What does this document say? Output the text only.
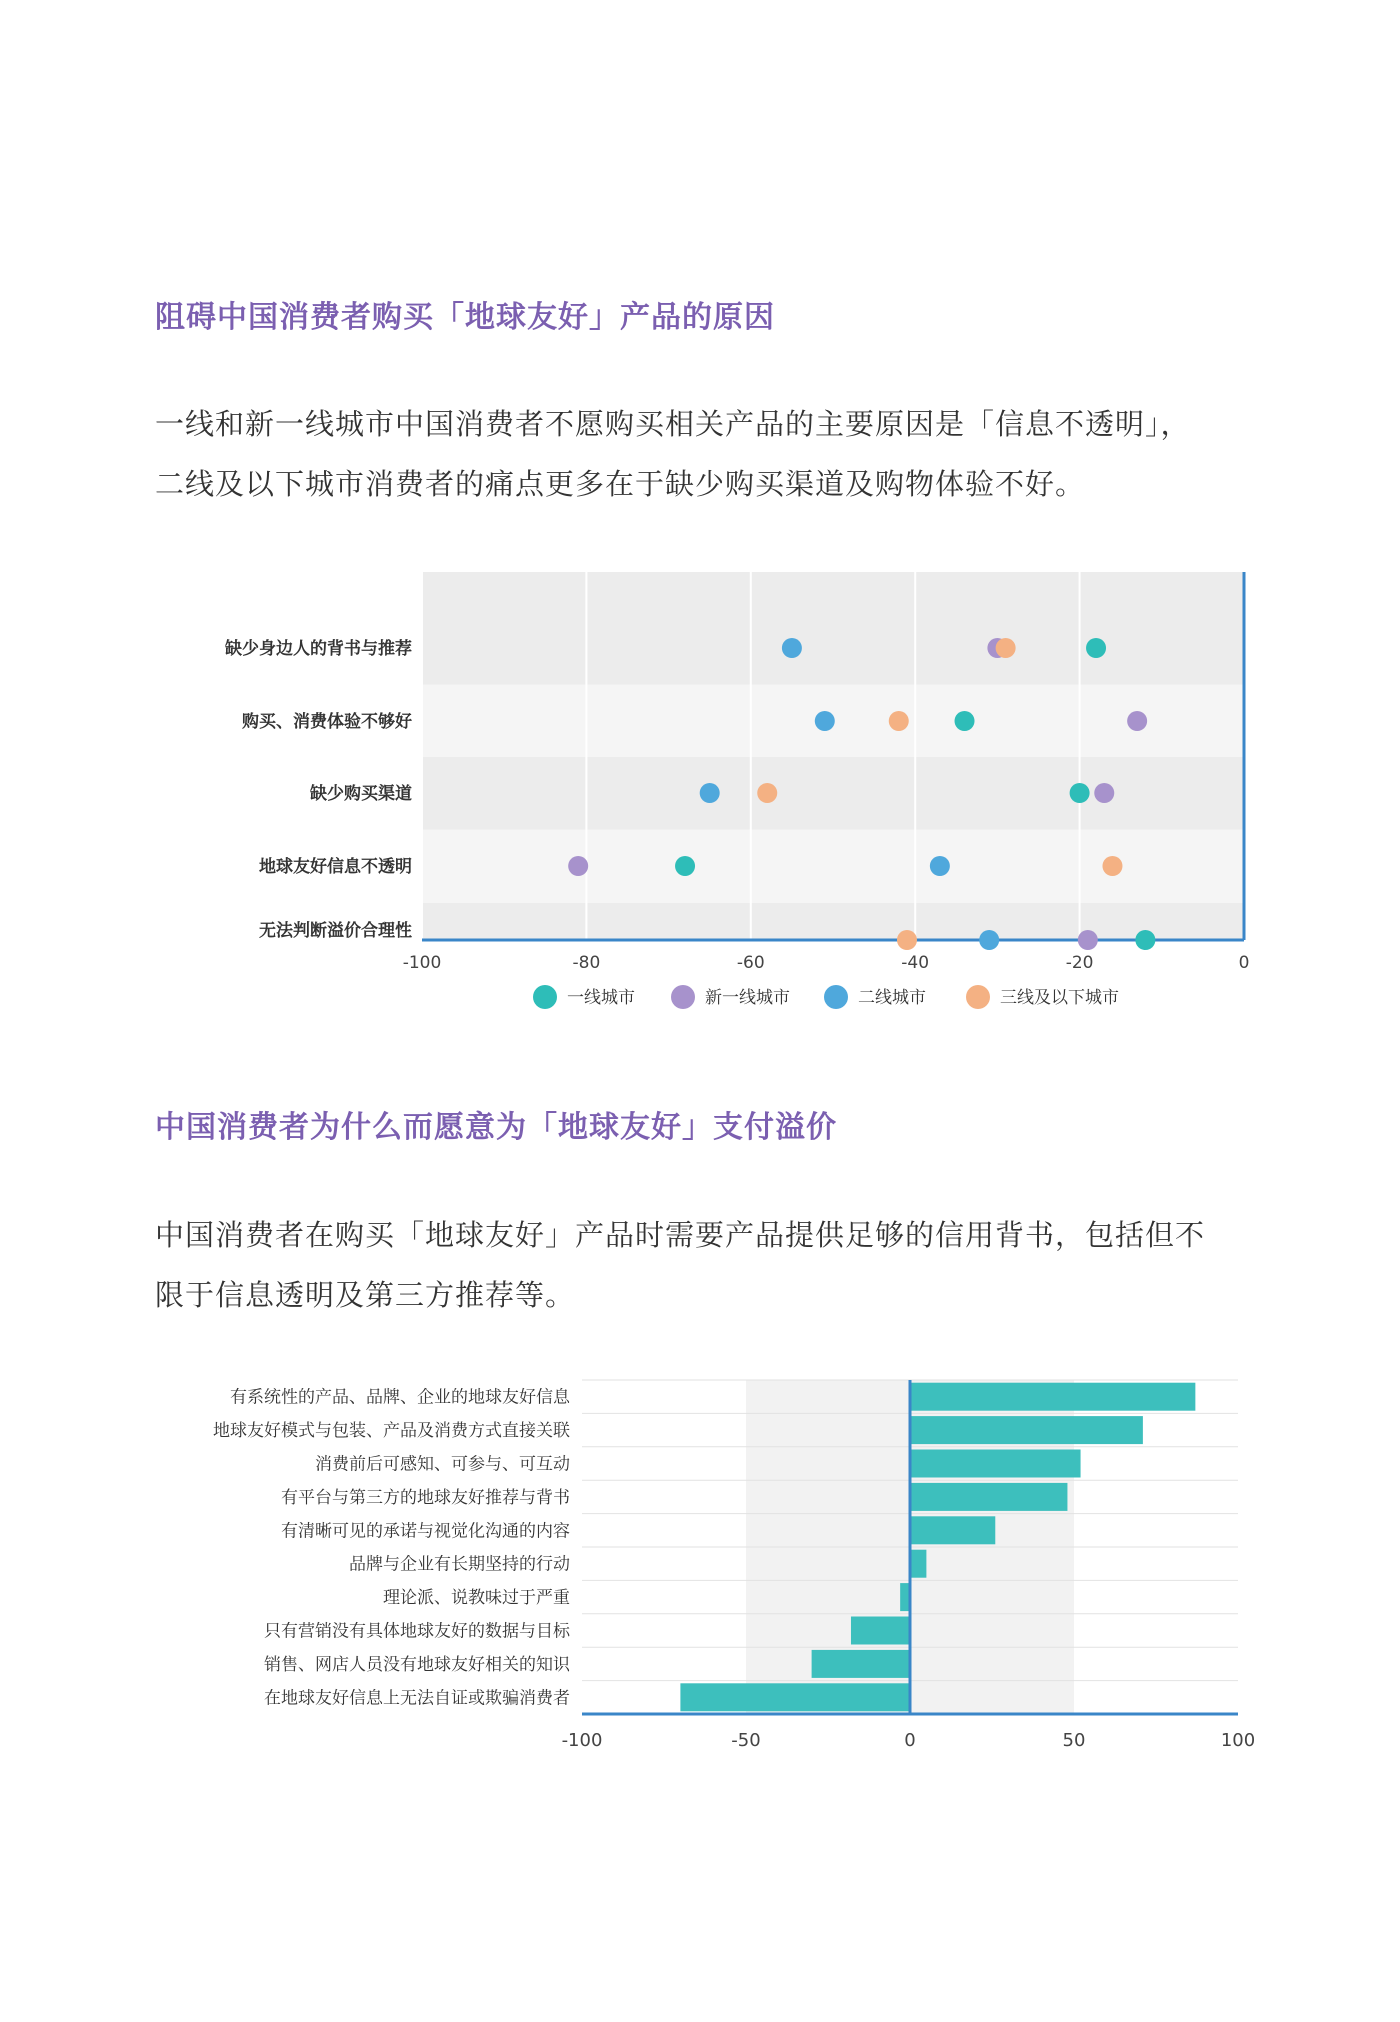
阻碍中国消费者购买「地球友好」产品的原因

一线和新一线城市中国消费者不愿购买相关产品的主要原因是「信息不透明」，
二线及以下城市消费者的痛点更多在于缺少购买渠道及购物体验不好。

-100	-80	-60	-40	-20	0
缺少身边人的背书与推荐
购买、消费体验不够好
缺少购买渠道
地球友好信息不透明
无法判断溢价合理性
一线城市	新一线城市	二线城市	三线及以下城市
中国消费者为什么而愿意为「地球友好」支付溢价

中国消费者在购买「地球友好」产品时需要产品提供足够的信用背书，包括但不
限于信息透明及第三方推荐等。

-100	-50	0	50	100
有系统性的产品、品牌、企业的地球友好信息
地球友好模式与包装、产品及消费方式直接关联
消费前后可感知、可参与、可互动
有平台与第三方的地球友好推荐与背书
有清晰可见的承诺与视觉化沟通的内容
品牌与企业有长期坚持的行动
理论派、说教味过于严重
只有营销没有具体地球友好的数据与目标
销售、网店人员没有地球友好相关的知识
在地球友好信息上无法自证或欺骗消费者
